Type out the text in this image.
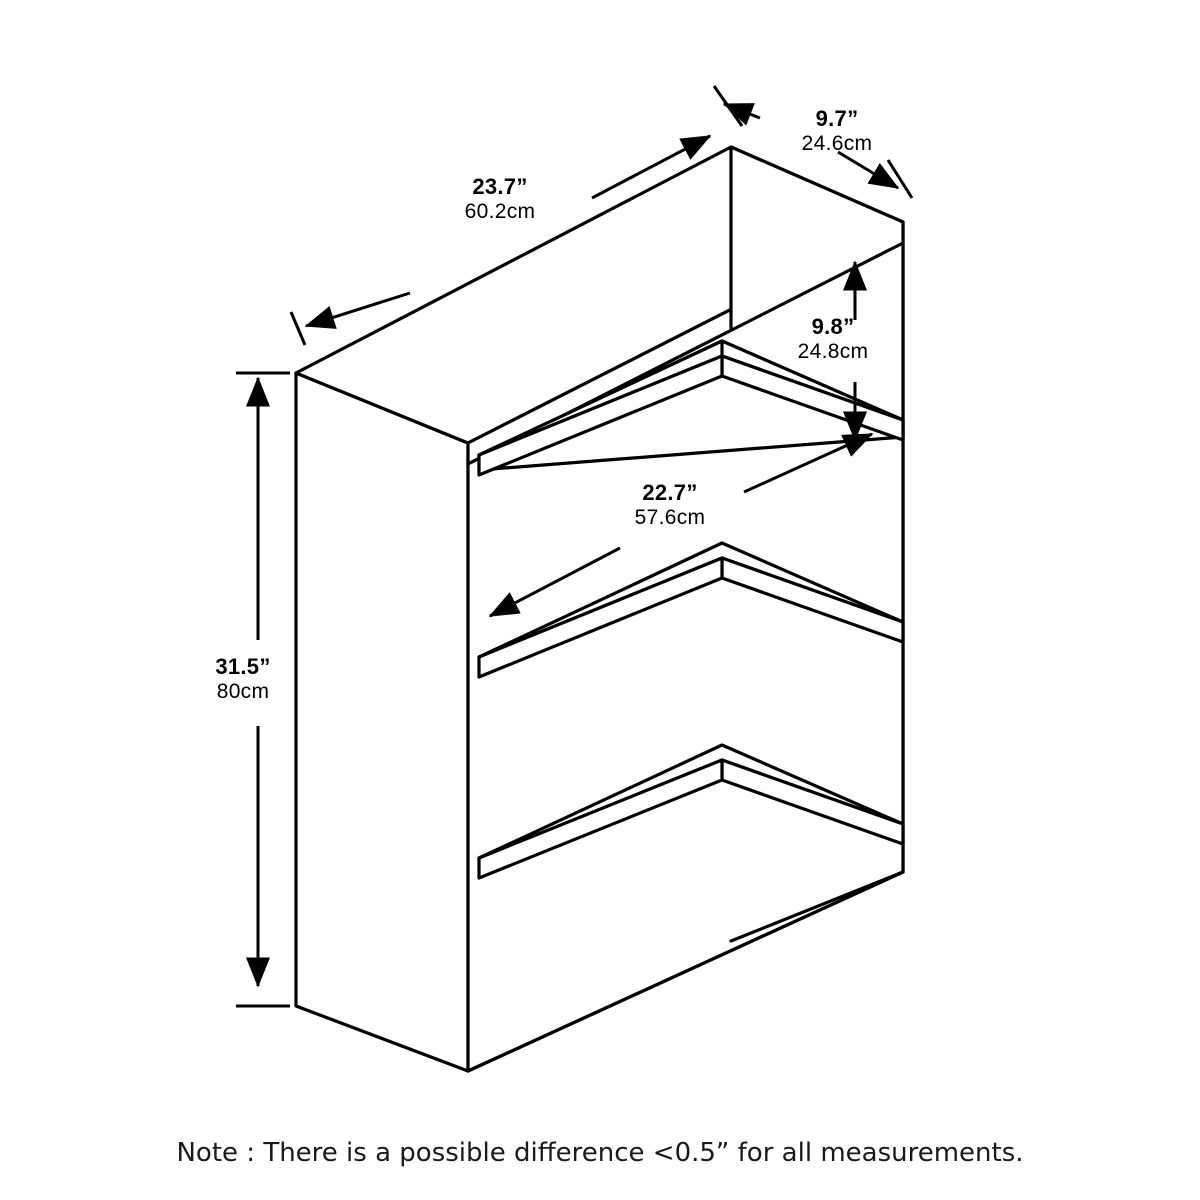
23.7”
60.2cm
9.7”
24.6cm
9.8”
24.8cm
22.7”
57.6cm
31.5”
80cm
Note : There is a possible difference <0.5” for all measurements.
